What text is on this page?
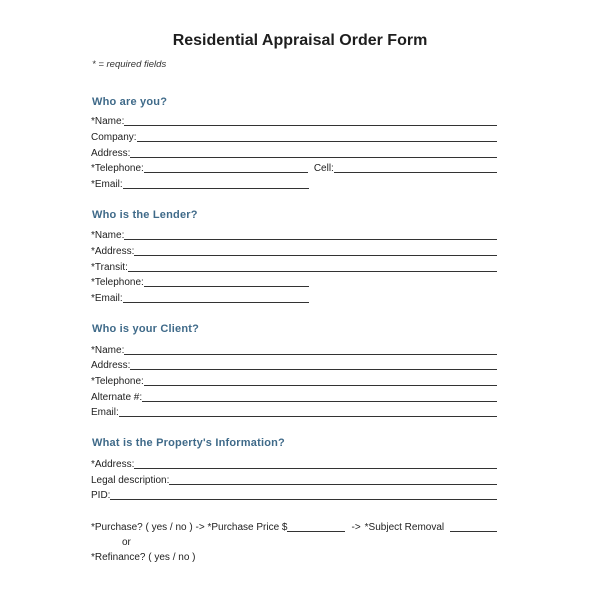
Residential Appraisal Order Form
* = required fields
Who are you?
*Name:
Company:
Address:
*Telephone:	Cell:
*Email:
Who is the Lender?
*Name:
*Address:
*Transit:
*Telephone:
*Email:
Who is your Client?
*Name:
Address:
*Telephone:
Alternate #:
Email:
What is the Property's Information?
*Address:
Legal description:
PID:
*Purchase? ( yes / no ) -> *Purchase Price $	-> *Subject Removal
or
*Refinance? ( yes / no )
